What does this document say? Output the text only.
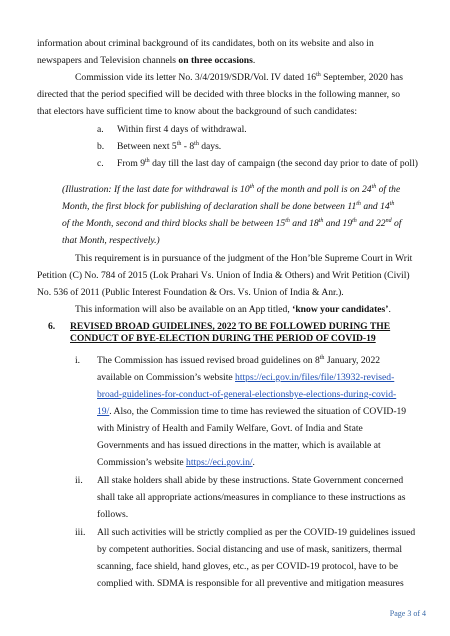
information about criminal background of its candidates, both on its website and also in
newspapers and Television channels on three occasions.
Commission vide its letter No. 3/4/2019/SDR/Vol. IV dated 16th September, 2020 has
directed that the period specified will be decided with three blocks in the following manner, so
that electors have sufficient time to know about the background of such candidates:
a. Within first 4 days of withdrawal.
b. Between next 5th - 8th days.
c. From 9th day till the last day of campaign (the second day prior to date of poll)
(Illustration: If the last date for withdrawal is 10th of the month and poll is on 24th of the
Month, the first block for publishing of declaration shall be done between 11th and 14th
of the Month, second and third blocks shall be between 15th and 18th and 19th and 22nd of
that Month, respectively.)
This requirement is in pursuance of the judgment of the Hon’ble Supreme Court in Writ
Petition (C) No. 784 of 2015 (Lok Prahari Vs. Union of India & Others) and Writ Petition (Civil)
No. 536 of 2011 (Public Interest Foundation & Ors. Vs. Union of India & Anr.).
This information will also be available on an App titled, ‘know your candidates’.
6. REVISED BROAD GUIDELINES, 2022 TO BE FOLLOWED DURING THE
CONDUCT OF BYE-ELECTION DURING THE PERIOD OF COVID-19
i. The Commission has issued revised broad guidelines on 8th January, 2022
available on Commission’s website https://eci.gov.in/files/file/13932-revised-
broad-guidelines-for-conduct-of-general-electionsbye-elections-during-covid-
19/. Also, the Commission time to time has reviewed the situation of COVID-19
with Ministry of Health and Family Welfare, Govt. of India and State
Governments and has issued directions in the matter, which is available at
Commission’s website https://eci.gov.in/.
ii. All stake holders shall abide by these instructions. State Government concerned
shall take all appropriate actions/measures in compliance to these instructions as
follows.
iii. All such activities will be strictly complied as per the COVID-19 guidelines issued
by competent authorities. Social distancing and use of mask, sanitizers, thermal
scanning, face shield, hand gloves, etc., as per COVID-19 protocol, have to be
complied with. SDMA is responsible for all preventive and mitigation measures
Page 3 of 4
